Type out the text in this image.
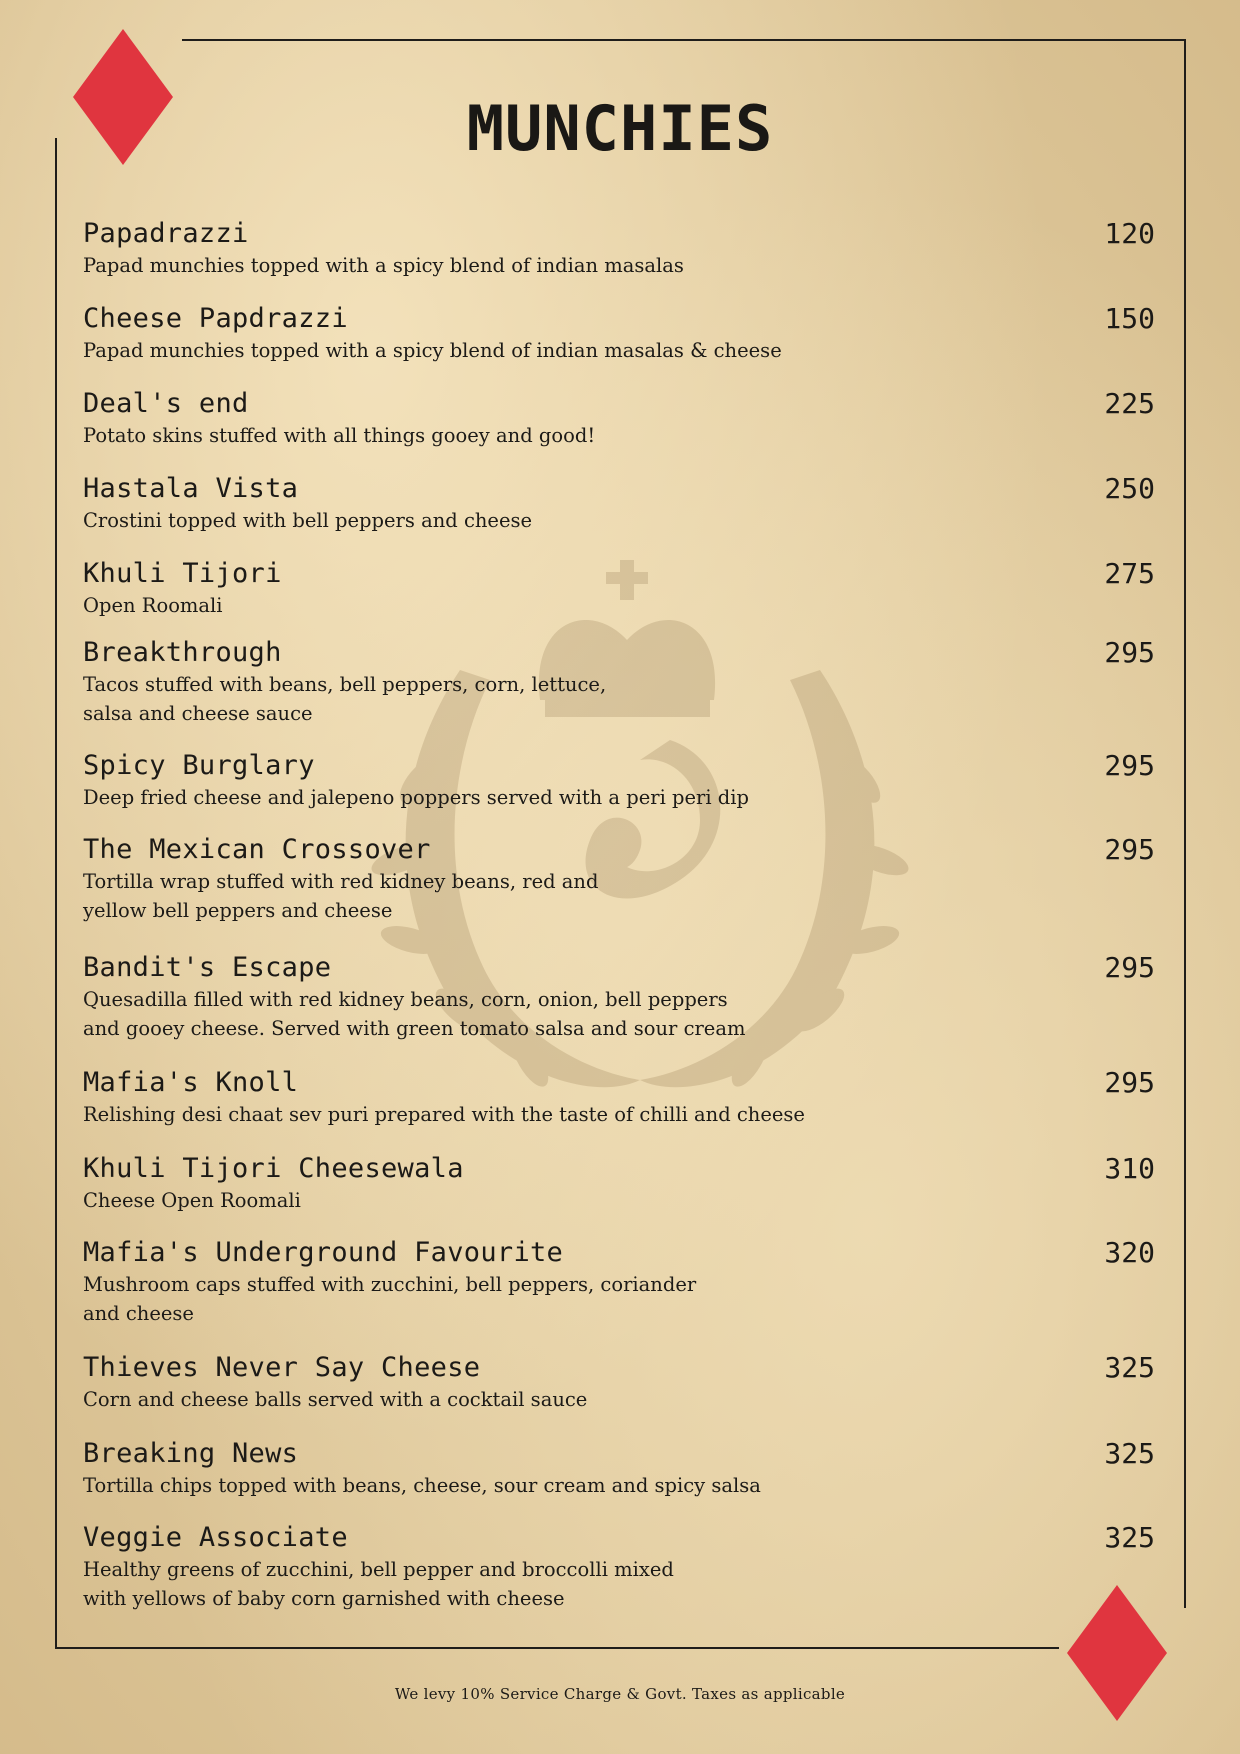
MUNCHIES
Papadrazzi	120
Papad munchies topped with a spicy blend of indian masalas
Cheese Papdrazzi	150
Papad munchies topped with a spicy blend of indian masalas & cheese
Deal's end	225
Potato skins stuffed with all things gooey and good!
Hastala Vista	250
Crostini topped with bell peppers and cheese
Khuli Tijori	275
Open Roomali
Breakthrough	295
Tacos stuffed with beans, bell peppers, corn, lettuce,
salsa and cheese sauce
Spicy Burglary	295
Deep fried cheese and jalepeno poppers served with a peri peri dip
The Mexican Crossover	295
Tortilla wrap stuffed with red kidney beans, red and
yellow bell peppers and cheese
Bandit's Escape	295
Quesadilla filled with red kidney beans, corn, onion, bell peppers
and gooey cheese. Served with green tomato salsa and sour cream
Mafia's Knoll	295
Relishing desi chaat sev puri prepared with the taste of chilli and cheese
Khuli Tijori Cheesewala	310
Cheese Open Roomali
Mafia's Underground Favourite	320
Mushroom caps stuffed with zucchini, bell peppers, coriander
and cheese
Thieves Never Say Cheese	325
Corn and cheese balls served with a cocktail sauce
Breaking News	325
Tortilla chips topped with beans, cheese, sour cream and spicy salsa
Veggie Associate	325
Healthy greens of zucchini, bell pepper and broccolli mixed
with yellows of baby corn garnished with cheese
We levy 10% Service Charge & Govt. Taxes as applicable
